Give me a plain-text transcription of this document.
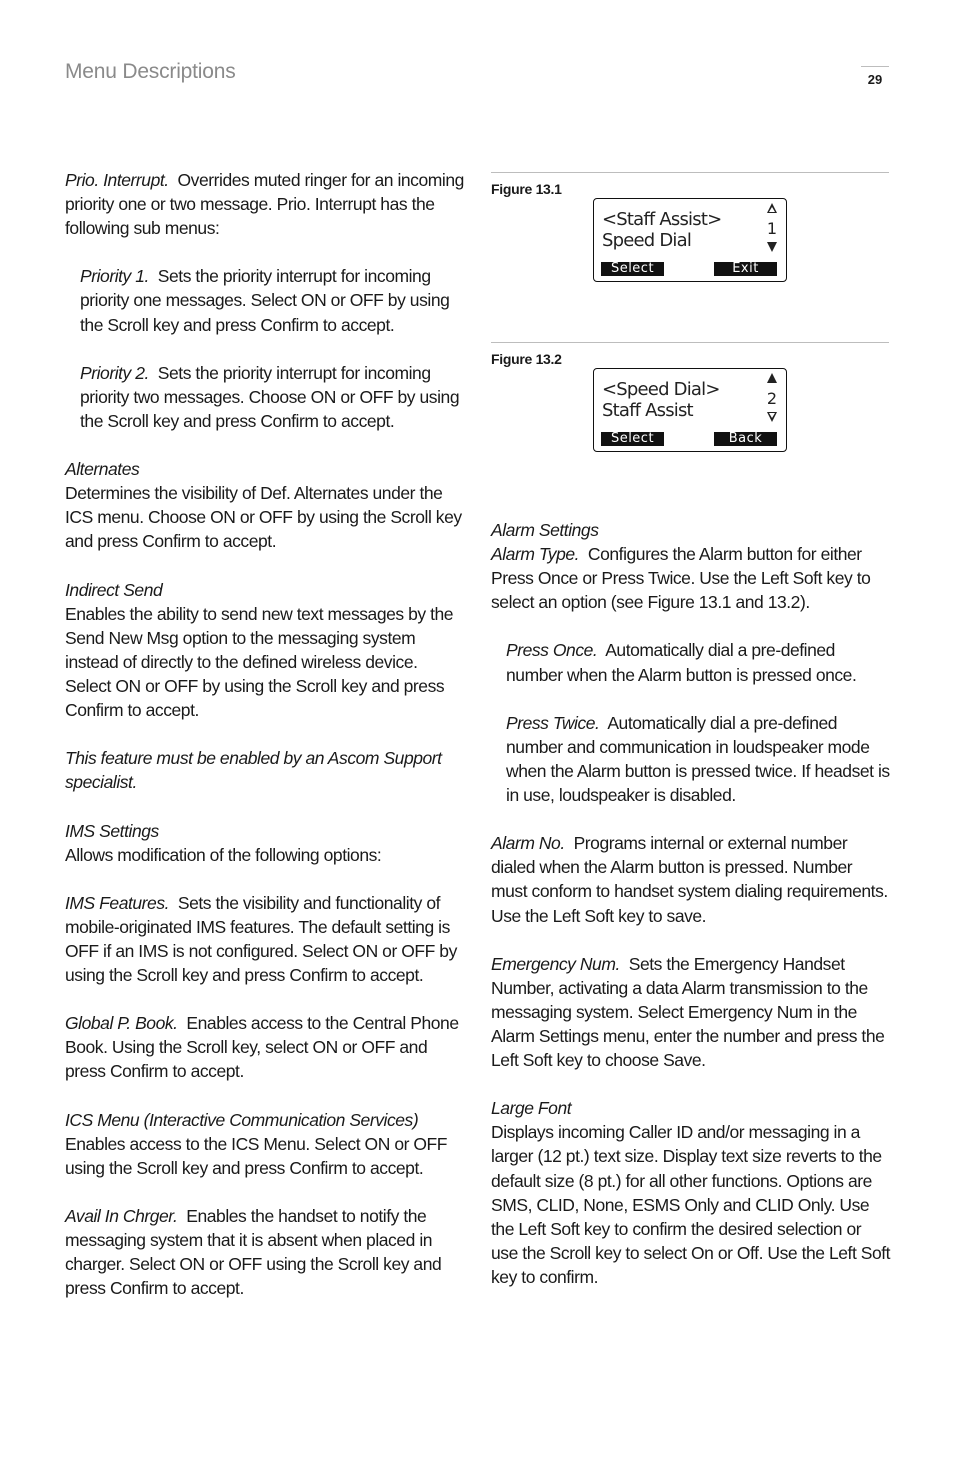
Menu Descriptions	29

Prio. Interrupt. Overrides muted ringer for an incoming priority one or two message. Prio. Interrupt has the following sub menus:

Priority 1. Sets the priority interrupt for incoming priority one messages. Select ON or OFF by using the Scroll key and press Confirm to accept.

Priority 2. Sets the priority interrupt for incoming priority two messages. Choose ON or OFF by using the Scroll key and press Confirm to accept.

Alternates
Determines the visibility of Def. Alternates under the ICS menu. Choose ON or OFF by using the Scroll key and press Confirm to accept.

Indirect Send
Enables the ability to send new text messages by the Send New Msg option to the messaging system instead of directly to the defined wireless device. Select ON or OFF by using the Scroll key and press Confirm to accept.

This feature must be enabled by an Ascom Support specialist.

IMS Settings
Allows modification of the following options:

IMS Features. Sets the visibility and functionality of mobile-originated IMS features. The default setting is OFF if an IMS is not configured. Select ON or OFF by using the Scroll key and press Confirm to accept.

Global P. Book. Enables access to the Central Phone Book. Using the Scroll key, select ON or OFF and press Confirm to accept.

ICS Menu (Interactive Communication Services)
Enables access to the ICS Menu. Select ON or OFF using the Scroll key and press Confirm to accept.

Avail In Chrger. Enables the handset to notify the messaging system that it is absent when placed in charger. Select ON or OFF using the Scroll key and press Confirm to accept.

Figure 13.1
<Staff Assist>
Speed Dial
1
Select	Exit
Figure 13.2
<Speed Dial>
Staff Assist
2
Select	Back

Alarm Settings
Alarm Type. Configures the Alarm button for either Press Once or Press Twice. Use the Left Soft key to select an option (see Figure 13.1 and 13.2).

Press Once. Automatically dial a pre-defined number when the Alarm button is pressed once.

Press Twice. Automatically dial a pre-defined number and communication in loudspeaker mode when the Alarm button is pressed twice. If headset is in use, loudspeaker is disabled.

Alarm No. Programs internal or external number dialed when the Alarm button is pressed. Number must conform to handset system dialing requirements. Use the Left Soft key to save.

Emergency Num. Sets the Emergency Handset Number, activating a data Alarm transmission to the messaging system. Select Emergency Num in the Alarm Settings menu, enter the number and press the Left Soft key to choose Save.

Large Font
Displays incoming Caller ID and/or messaging in a larger (12 pt.) text size. Display text size reverts to the default size (8 pt.) for all other functions. Options are SMS, CLID, None, ESMS Only and CLID Only. Use the Left Soft key to confirm the desired selection or use the Scroll key to select On or Off. Use the Left Soft key to confirm.
